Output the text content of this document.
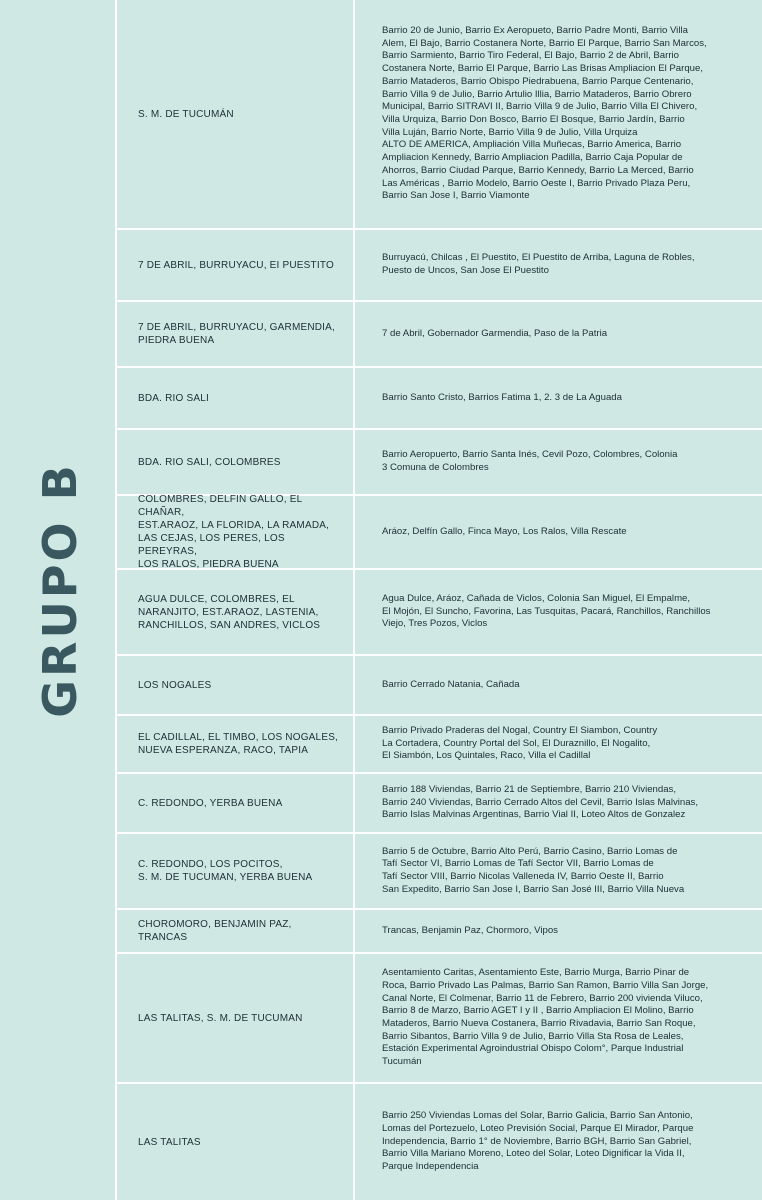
GRUPO B
S. M. DE TUCUMÁN
Barrio 20 de Junio, Barrio Ex Aeropueto, Barrio Padre Monti, Barrio Villa
Alem, El Bajo, Barrio Costanera Norte, Barrio El Parque, Barrio San Marcos,
Barrio Sarmiento, Barrio Tiro Federal, El Bajo, Barrio 2 de Abril, Barrio
Costanera Norte, Barrio El Parque, Barrio Las Brisas Ampliacion El Parque,
Barrio Mataderos, Barrio Obispo Piedrabuena, Barrio Parque Centenario,
Barrio Villa 9 de Julio, Barrio Artulio Illia, Barrio Mataderos, Barrio Obrero
Municipal, Barrio SITRAVI II, Barrio Villa 9 de Julio, Barrio Villa El Chivero,
Villa Urquiza, Barrio Don Bosco, Barrio El Bosque, Barrio Jardín, Barrio
Villa Luján, Barrio Norte, Barrio Villa 9 de Julio, Villa Urquiza
ALTO DE AMERICA, Ampliación Villa Muñecas, Barrio America, Barrio
Ampliacion Kennedy, Barrio Ampliacion Padilla, Barrio Caja Popular de
Ahorros, Barrio Ciudad Parque, Barrio Kennedy, Barrio La Merced, Barrio
Las Américas , Barrio Modelo, Barrio Oeste I, Barrio Privado Plaza Peru,
Barrio San Jose I, Barrio Viamonte
7 DE ABRIL, BURRUYACU, EI PUESTITO
Burruyacú, Chilcas , El Puestito, El Puestito de Arriba, Laguna de Robles,
Puesto de Uncos, San Jose El Puestito
7 DE ABRIL, BURRUYACU, GARMENDIA,
PIEDRA BUENA
7 de Abril, Gobernador Garmendia, Paso de la Patria
BDA. RIO SALI	Barrio Santo Cristo, Barrios Fatima 1, 2. 3 de La Aguada
BDA. RIO SALI, COLOMBRES
Barrio Aeropuerto, Barrio Santa Inés, Cevil Pozo, Colombres, Colonia
3 Comuna de Colombres
COLOMBRES, DELFIN GALLO, EL CHAÑAR,
EST.ARAOZ, LA FLORIDA, LA RAMADA,
LAS CEJAS, LOS PERES, LOS PEREYRAS,
LOS RALOS, PIEDRA BUENA
Aráoz, Delfín Gallo, Finca Mayo, Los Ralos, Villa Rescate
AGUA DULCE, COLOMBRES, EL
NARANJITO, EST.ARAOZ, LASTENIA,
RANCHILLOS, SAN ANDRES, VICLOS
Agua Dulce, Aráoz, Cañada de Viclos, Colonia San Miguel, El Empalme,
El Mojón, El Suncho, Favorina, Las Tusquitas, Pacará, Ranchillos, Ranchillos
Viejo, Tres Pozos, Viclos
LOS NOGALES	Barrio Cerrado Natania, Cañada
EL CADILLAL, EL TIMBO, LOS NOGALES,
NUEVA ESPERANZA, RACO, TAPIA
Barrio Privado Praderas del Nogal, Country El Siambon, Country
La Cortadera, Country Portal del Sol, El Duraznillo, El Nogalito,
El Siambón, Los Quintales, Raco, Villa el Cadillal
C. REDONDO, YERBA BUENA
Barrio 188 Viviendas, Barrio 21 de Septiembre, Barrio 210 Viviendas,
Barrio 240 Viviendas, Barrio Cerrado Altos del Cevil, Barrio Islas Malvinas,
Barrio Islas Malvinas Argentinas, Barrio Vial II, Loteo Altos de Gonzalez
C. REDONDO, LOS POCITOS,
S. M. DE TUCUMAN, YERBA BUENA
Barrio 5 de Octubre, Barrio Alto Perú, Barrio Casino, Barrio Lomas de
Tafí Sector VI, Barrio Lomas de Tafí Sector VII, Barrio Lomas de
Tafí Sector VIII, Barrio Nicolas Valleneda IV, Barrio Oeste II, Barrio
San Expedito, Barrio San Jose I, Barrio San José III, Barrio Villa Nueva
CHOROMORO, BENJAMIN PAZ, TRANCAS
Trancas, Benjamin Paz, Chormoro, Vipos
LAS TALITAS, S. M. DE TUCUMAN
Asentamiento Caritas, Asentamiento Este, Barrio Murga, Barrio Pinar de
Roca, Barrio Privado Las Palmas, Barrio San Ramon, Barrio Villa San Jorge,
Canal Norte, El Colmenar, Barrio 11 de Febrero, Barrio 200 vivienda Viluco,
Barrio 8 de Marzo, Barrio AGET I y II , Barrio Ampliacion El Molino, Barrio
Mataderos, Barrio Nueva Costanera, Barrio Rivadavia, Barrio San Roque,
Barrio Sibantos, Barrio Villa 9 de Julio, Barrio Villa Sta Rosa de Leales,
Estación Experimental Agroindustrial Obispo Colom°, Parque Industrial
Tucumán
LAS TALITAS
Barrio 250 Viviendas Lomas del Solar, Barrio Galicia, Barrio San Antonio,
Lomas del Portezuelo, Loteo Previsión Social, Parque El Mirador, Parque
Independencia, Barrio 1° de Noviembre, Barrio BGH, Barrio San Gabriel,
Barrio Villa Mariano Moreno, Loteo del Solar, Loteo Dignificar la Vida II,
Parque Independencia
